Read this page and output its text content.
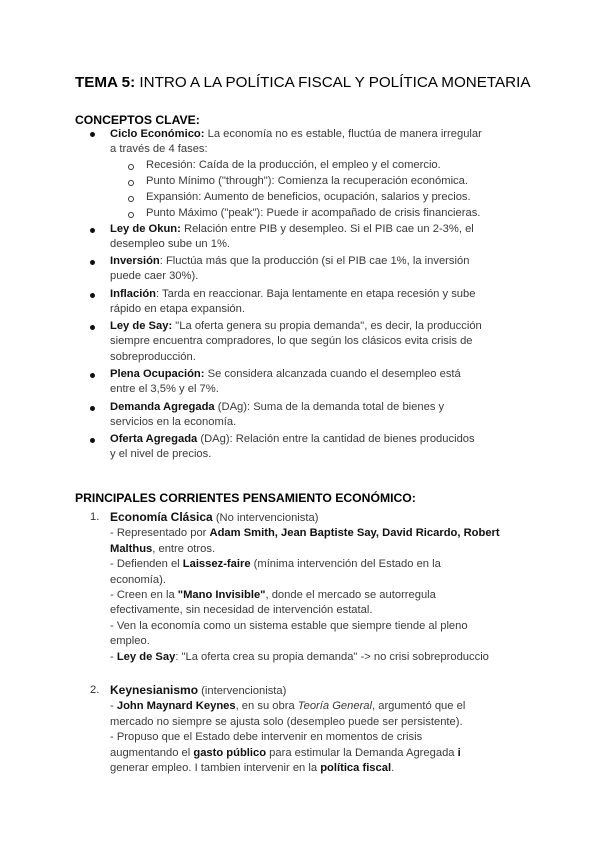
TEMA 5: INTRO A LA POLÍTICA FISCAL Y POLÍTICA MONETARIA
CONCEPTOS CLAVE:
Ciclo Económico: La economía no es estable, fluctúa de manera irregular
a través de 4 fases:
Recesión: Caída de la producción, el empleo y el comercio.
Punto Mínimo ("through"): Comienza la recuperación económica.
Expansión: Aumento de beneficios, ocupación, salarios y precios.
Punto Máximo ("peak"): Puede ir acompañado de crisis financieras.
Ley de Okun: Relación entre PIB y desempleo. Si el PIB cae un 2-3%, el
desempleo sube un 1%.
Inversión: Fluctúa más que la producción (si el PIB cae 1%, la inversión
puede caer 30%).
Inflación: Tarda en reaccionar. Baja lentamente en etapa recesión y sube
rápido en etapa expansión.
Ley de Say: "La oferta genera su propia demanda", es decir, la producción
siempre encuentra compradores, lo que según los clásicos evita crisis de
sobreproducción.
Plena Ocupación: Se considera alcanzada cuando el desempleo está
entre el 3,5% y el 7%.
Demanda Agregada (DAg): Suma de la demanda total de bienes y
servicios en la economía.
Oferta Agregada (DAg): Relación entre la cantidad de bienes producidos
y el nivel de precios.
PRINCIPALES CORRIENTES PENSAMIENTO ECONÓMICO:
1. Economía Clásica (No intervencionista)
- Representado por Adam Smith, Jean Baptiste Say, David Ricardo, Robert
Malthus, entre otros.
- Defienden el Laissez-faire (mínima intervención del Estado en la
economía).
- Creen en la "Mano Invisible", donde el mercado se autorregula
efectivamente, sin necesidad de intervención estatal.
- Ven la economía como un sistema estable que siempre tiende al pleno
empleo.
- Ley de Say: "La oferta crea su propia demanda" -> no crisi sobreproduccio
2. Keynesianismo (intervencionista)
- John Maynard Keynes, en su obra Teoría General, argumentó que el
mercado no siempre se ajusta solo (desempleo puede ser persistente).
- Propuso que el Estado debe intervenir en momentos de crisis
augmentando el gasto público para estimular la Demanda Agregada i
generar empleo. I tambien intervenir en la política fiscal.
